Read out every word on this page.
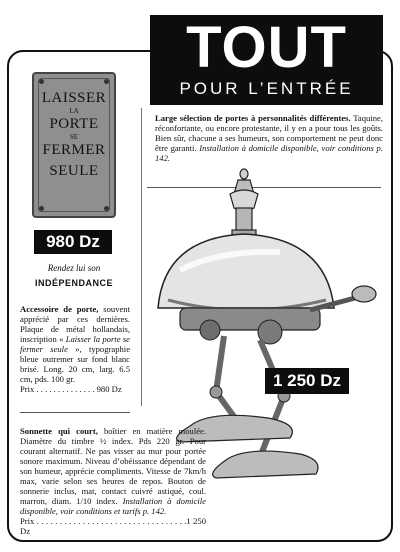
TOUT
POUR L’ENTRÉE
LAISSER
LA
PORTE
SE
FERMER
SEULE
980 Dz
Rendez lui son
INDÉPENDANCE
Accessoire de porte, souvent apprécié par ces dernières. Plaque de métal hollandais, inscription « Laisser la porte se fermer seule », typographie bleue outremer sur fond blanc brisé. Long. 20 cm, larg. 6.5 cm, pds. 100 gr.
Prix . . . . . . . . . . . . . . 980 Dz
Large sélection de portes à personnalités différentes. Taquine, réconfortante, ou encore protestante, il y en a pour tous les goûts. Bien sûr, chacune a ses humeurs, son comportement ne peut donc être garanti. Installation à domicile disponible, voir conditions p. 142.
1 250 Dz
Sonnette qui court, boîtier en matière moulée. Diamètre du timbre ½ index. Pds 220 gr. Pour courant alternatif. Ne pas visser au mur pour portée sonore maximum. Niveau d’obéissance dépendant de son humeur, apprécie compliments. Vitesse de 7km/h max, varie selon ses heures de repos. Bouton de sonnerie inclus, mat, contact cuivré astiqué, coul. marron, diam. 1/10 index. Installation à domicile disponible, voir conditions et tarifs p. 142.
Prix . . . . . . . . . . . . . . . . . . . . . . . . . . . . . . . . .1 250 Dz
